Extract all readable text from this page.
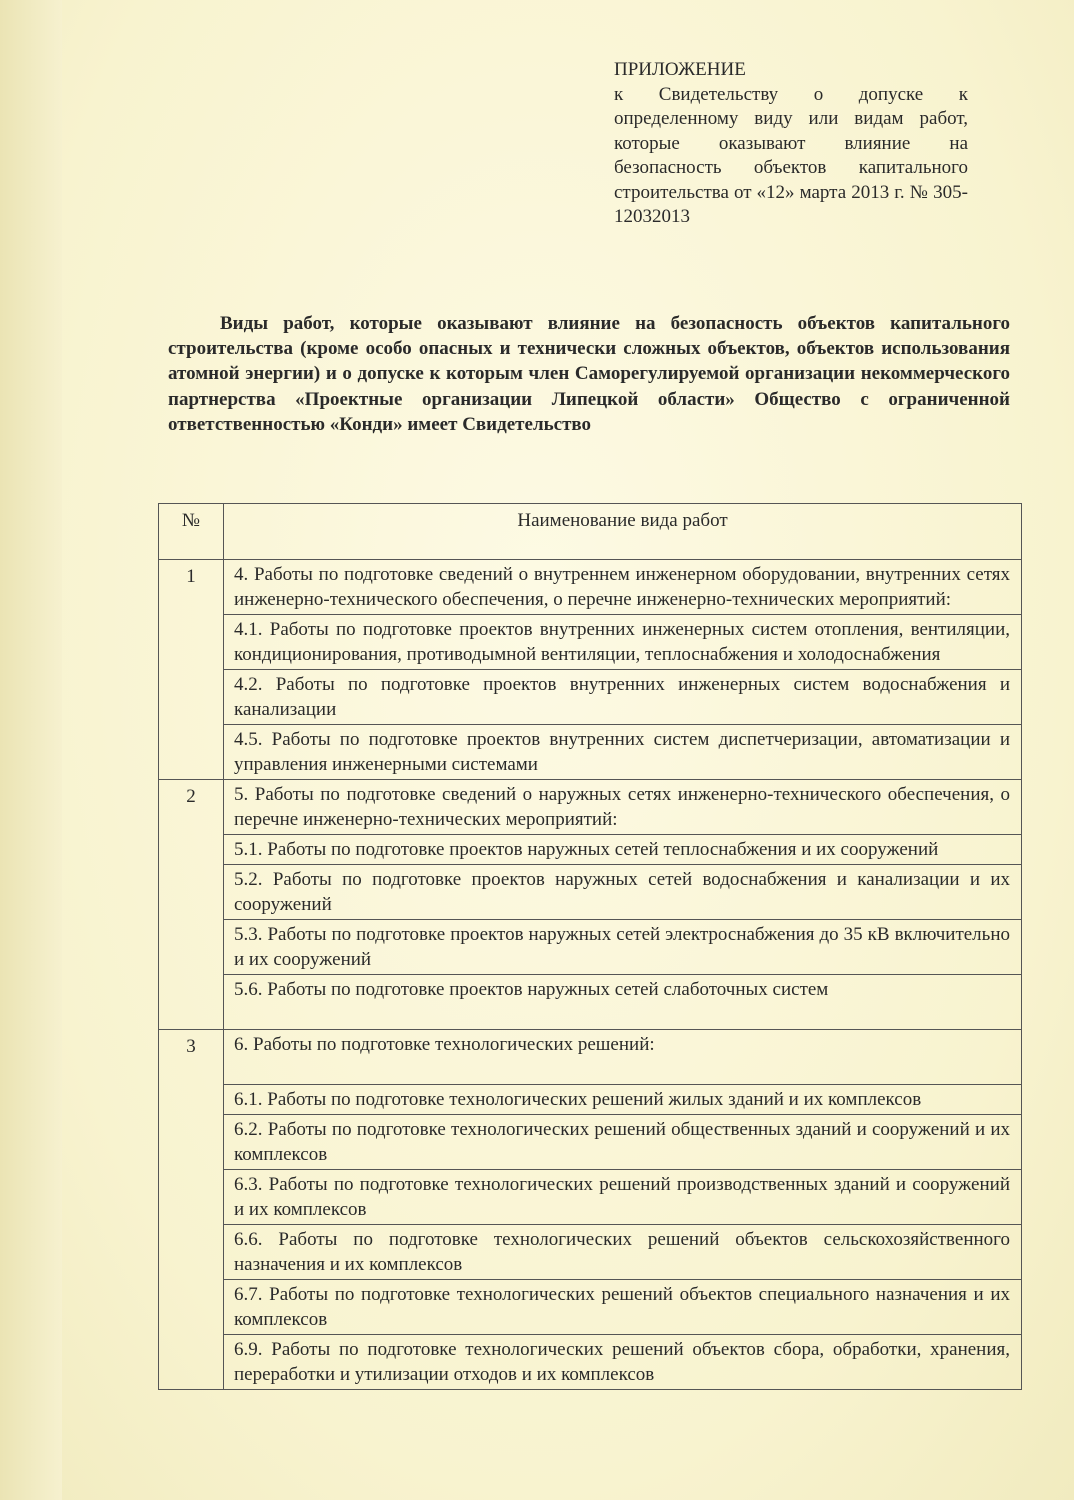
ПРИЛОЖЕНИЕ
к Свидетельству о допуске к определенному виду или видам работ, которые оказывают влияние на безопасность объектов капитального строительства от «12» марта 2013 г. № 305-12032013
Виды работ, которые оказывают влияние на безопасность объектов капитального строительства (кроме особо опасных и технически сложных объектов, объектов использования атомной энергии) и о допуске к которым член Саморегулируемой организации некоммерческого партнерства «Проектные организации Липецкой области» Общество с ограниченной ответственностью «Конди» имеет Свидетельство
№	Наименование вида работ

1	4. Работы по подготовке сведений о внутреннем инженерном оборудовании, внутренних сетях инженерно-технического обеспечения, о перечне инженерно-технических мероприятий:
	4.1. Работы по подготовке проектов внутренних инженерных систем отопления, вентиляции, кондиционирования, противодымной вентиляции, теплоснабжения и холодоснабжения
	4.2. Работы по подготовке проектов внутренних инженерных систем водоснабжения и канализации
	4.5. Работы по подготовке проектов внутренних систем диспетчеризации, автоматизации и управления инженерными системами
2	5. Работы по подготовке сведений о наружных сетях инженерно-технического обеспечения, о перечне инженерно-технических мероприятий:
	5.1. Работы по подготовке проектов наружных сетей теплоснабжения и их сооружений
	5.2. Работы по подготовке проектов наружных сетей водоснабжения и канализации и их сооружений
	5.3. Работы по подготовке проектов наружных сетей электроснабжения до 35 кВ включительно и их сооружений
	5.6. Работы по подготовке проектов наружных сетей слаботочных систем
3	6. Работы по подготовке технологических решений:
	6.1. Работы по подготовке технологических решений жилых зданий и их комплексов
	6.2. Работы по подготовке технологических решений общественных зданий и сооружений и их комплексов
	6.3. Работы по подготовке технологических решений производственных зданий и сооружений и их комплексов
	6.6. Работы по подготовке технологических решений объектов сельскохозяйственного назначения и их комплексов
	6.7. Работы по подготовке технологических решений объектов специального назначения и их комплексов
	6.9. Работы по подготовке технологических решений объектов сбора, обработки, хранения, переработки и утилизации отходов и их комплексов
